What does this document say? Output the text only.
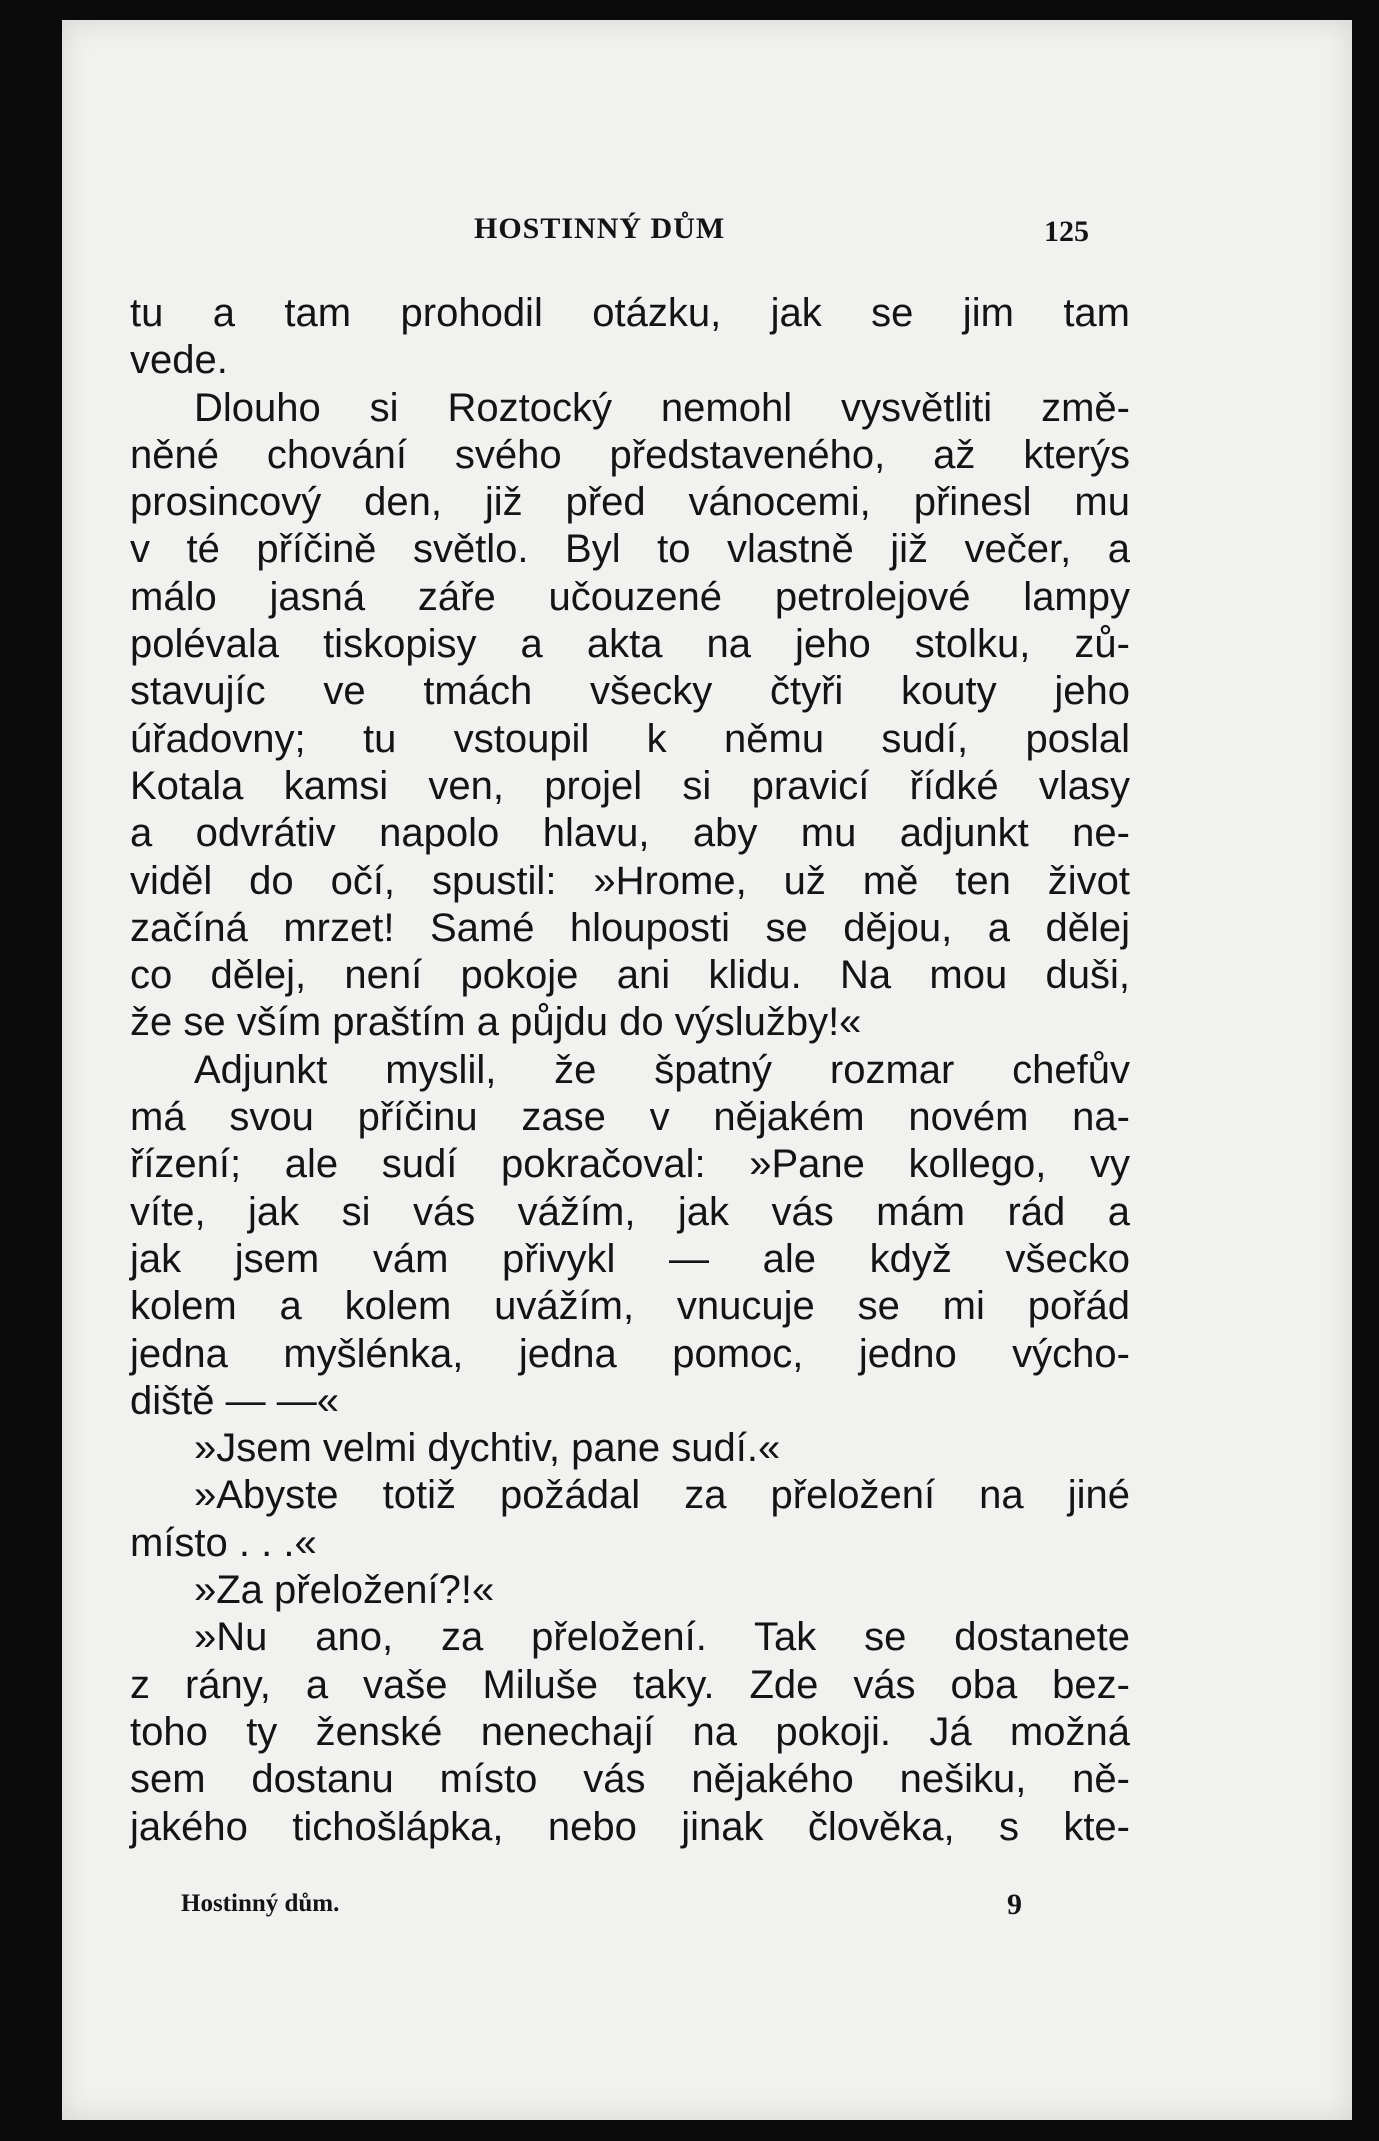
HOSTINNÝ DŮM	125
tu a tam prohodil otázku, jak se jim tam
vede.
Dlouho si Roztocký nemohl vysvětliti změ-
něné chování svého představeného, až kterýs
prosincový den, již před vánocemi, přinesl mu
v té příčině světlo. Byl to vlastně již večer, a
málo jasná záře učouzené petrolejové lampy
polévala tiskopisy a akta na jeho stolku, zů-
stavujíc ve tmách všecky čtyři kouty jeho
úřadovny; tu vstoupil k němu sudí, poslal
Kotala kamsi ven, projel si pravicí řídké vlasy
a odvrátiv napolo hlavu, aby mu adjunkt ne-
viděl do očí, spustil: »Hrome, už mě ten život
začíná mrzet! Samé hlouposti se dějou, a dělej
co dělej, není pokoje ani klidu. Na mou duši,
že se vším praštím a půjdu do výslužby!«
Adjunkt myslil, že špatný rozmar chefův
má svou příčinu zase v nějakém novém na-
řízení; ale sudí pokračoval: »Pane kollego, vy
víte, jak si vás vážím, jak vás mám rád a
jak jsem vám přivykl — ale když všecko
kolem a kolem uvážím, vnucuje se mi pořád
jedna myšlénka, jedna pomoc, jedno výcho-
diště — —«
»Jsem velmi dychtiv, pane sudí.«
»Abyste totiž požádal za přeložení na jiné
místo . . .«
»Za přeložení?!«
»Nu ano, za přeložení. Tak se dostanete
z rány, a vaše Miluše taky. Zde vás oba bez-
toho ty ženské nenechají na pokoji. Já možná
sem dostanu místo vás nějakého nešiku, ně-
jakého tichošlápka, nebo jinak člověka, s kte-
Hostinný dům.	9
